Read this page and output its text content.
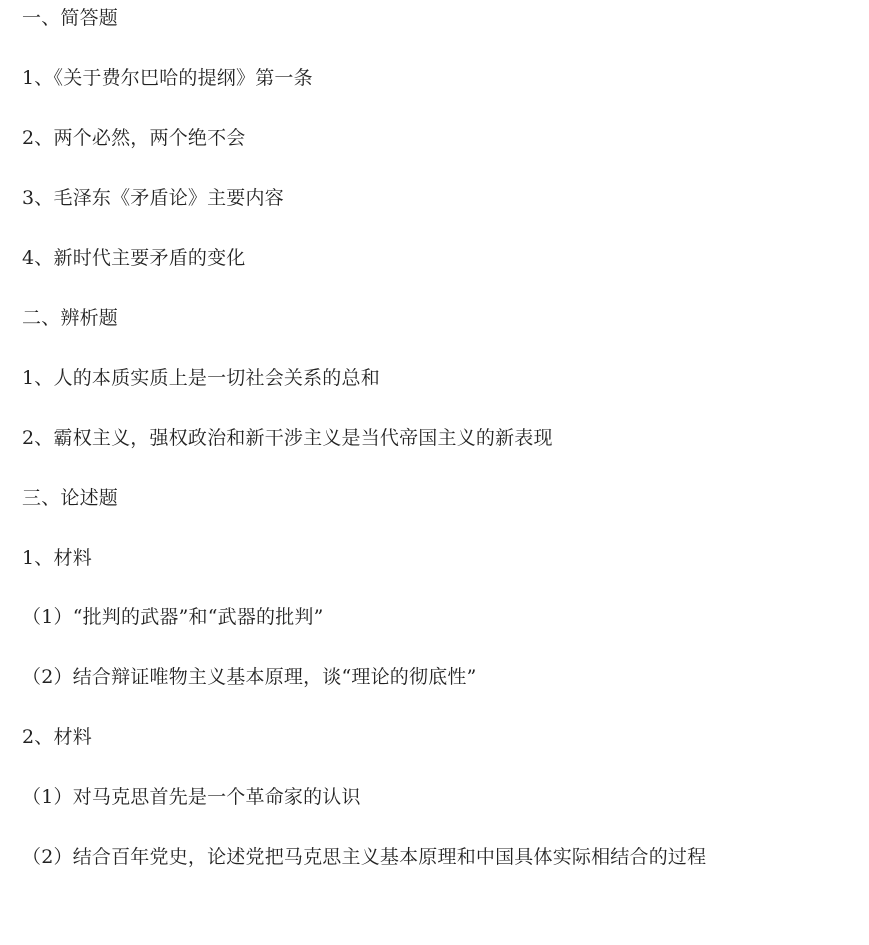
一、简答题
1、《关于费尔巴哈的提纲》第一条
2、两个必然，两个绝不会
3、毛泽东《矛盾论》主要内容
4、新时代主要矛盾的变化
二、辨析题
1、人的本质实质上是一切社会关系的总和
2、霸权主义，强权政治和新干涉主义是当代帝国主义的新表现
三、论述题
1、材料
（1）“批判的武器”和“武器的批判”
（2）结合辩证唯物主义基本原理，谈“理论的彻底性”
2、材料
（1）对马克思首先是一个革命家的认识
（2）结合百年党史，论述党把马克思主义基本原理和中国具体实际相结合的过程
